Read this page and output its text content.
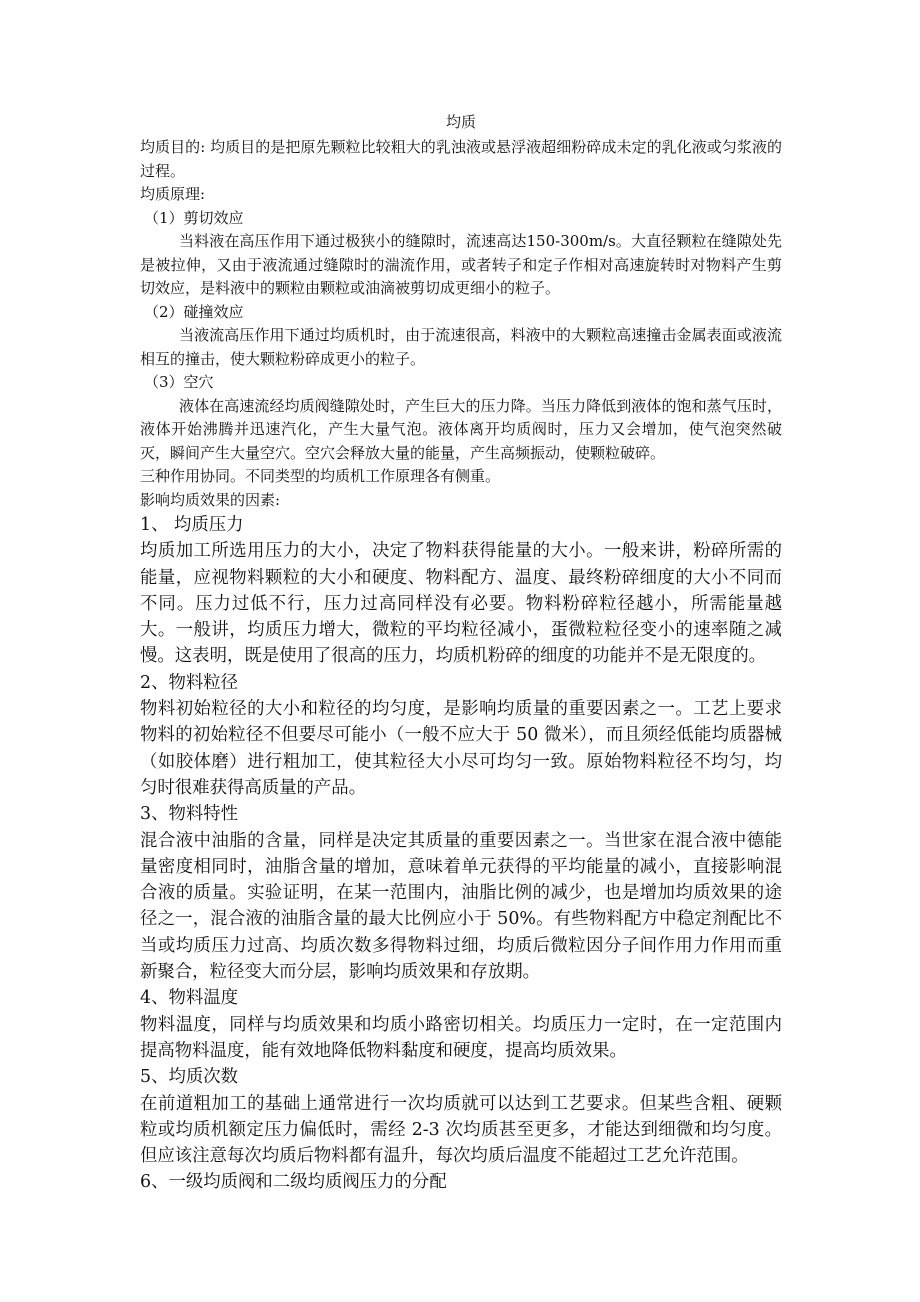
均质

均质目的: 均质目的是把原先颗粒比较粗大的乳浊液或悬浮液超细粉碎成未定的乳化液或匀浆液的过程。

均质原理:

（1）剪切效应

当料液在高压作用下通过极狭小的缝隙时，流速高达150-300m/s。大直径颗粒在缝隙处先是被拉伸，又由于液流通过缝隙时的湍流作用，或者转子和定子作相对高速旋转时对物料产生剪切效应，是料液中的颗粒由颗粒或油滴被剪切成更细小的粒子。

（2）碰撞效应

当液流高压作用下通过均质机时，由于流速很高，料液中的大颗粒高速撞击金属表面或液流相互的撞击，使大颗粒粉碎成更小的粒子。

（3）空穴

液体在高速流经均质阀缝隙处时，产生巨大的压力降。当压力降低到液体的饱和蒸气压时，液体开始沸腾并迅速汽化，产生大量气泡。液体离开均质阀时，压力又会增加，使气泡突然破灭，瞬间产生大量空穴。空穴会释放大量的能量，产生高频振动，使颗粒破碎。

三种作用协同。不同类型的均质机工作原理各有侧重。

影响均质效果的因素:

1、 均质压力

均质加工所选用压力的大小，决定了物料获得能量的大小。一般来讲，粉碎所需的能量，应视物料颗粒的大小和硬度、物料配方、温度、最终粉碎细度的大小不同而不同。压力过低不行，压力过高同样没有必要。物料粉碎粒径越小，所需能量越大。一般讲，均质压力增大，微粒的平均粒径减小，蛋微粒粒径变小的速率随之减慢。这表明，既是使用了很高的压力，均质机粉碎的细度的功能并不是无限度的。

2、物料粒径

物料初始粒径的大小和粒径的均匀度，是影响均质量的重要因素之一。工艺上要求物料的初始粒径不但要尽可能小（一般不应大于 50 微米），而且须经低能均质器械（如胶体磨）进行粗加工，使其粒径大小尽可均匀一致。原始物料粒径不均匀，均匀时很难获得高质量的产品。

3、物料特性

混合液中油脂的含量，同样是决定其质量的重要因素之一。当世家在混合液中德能量密度相同时，油脂含量的增加，意味着单元获得的平均能量的减小，直接影响混合液的质量。实验证明，在某一范围内，油脂比例的减少，也是增加均质效果的途径之一，混合液的油脂含量的最大比例应小于 50%。有些物料配方中稳定剂配比不当或均质压力过高、均质次数多得物料过细，均质后微粒因分子间作用力作用而重新聚合，粒径变大而分层，影响均质效果和存放期。

4、物料温度

物料温度，同样与均质效果和均质小路密切相关。均质压力一定时，在一定范围内提高物料温度，能有效地降低物料黏度和硬度，提高均质效果。

5、均质次数

在前道粗加工的基础上通常进行一次均质就可以达到工艺要求。但某些含粗、硬颗粒或均质机额定压力偏低时，需经 2-3 次均质甚至更多，才能达到细微和均匀度。但应该注意每次均质后物料都有温升，每次均质后温度不能超过工艺允许范围。

6、一级均质阀和二级均质阀压力的分配
